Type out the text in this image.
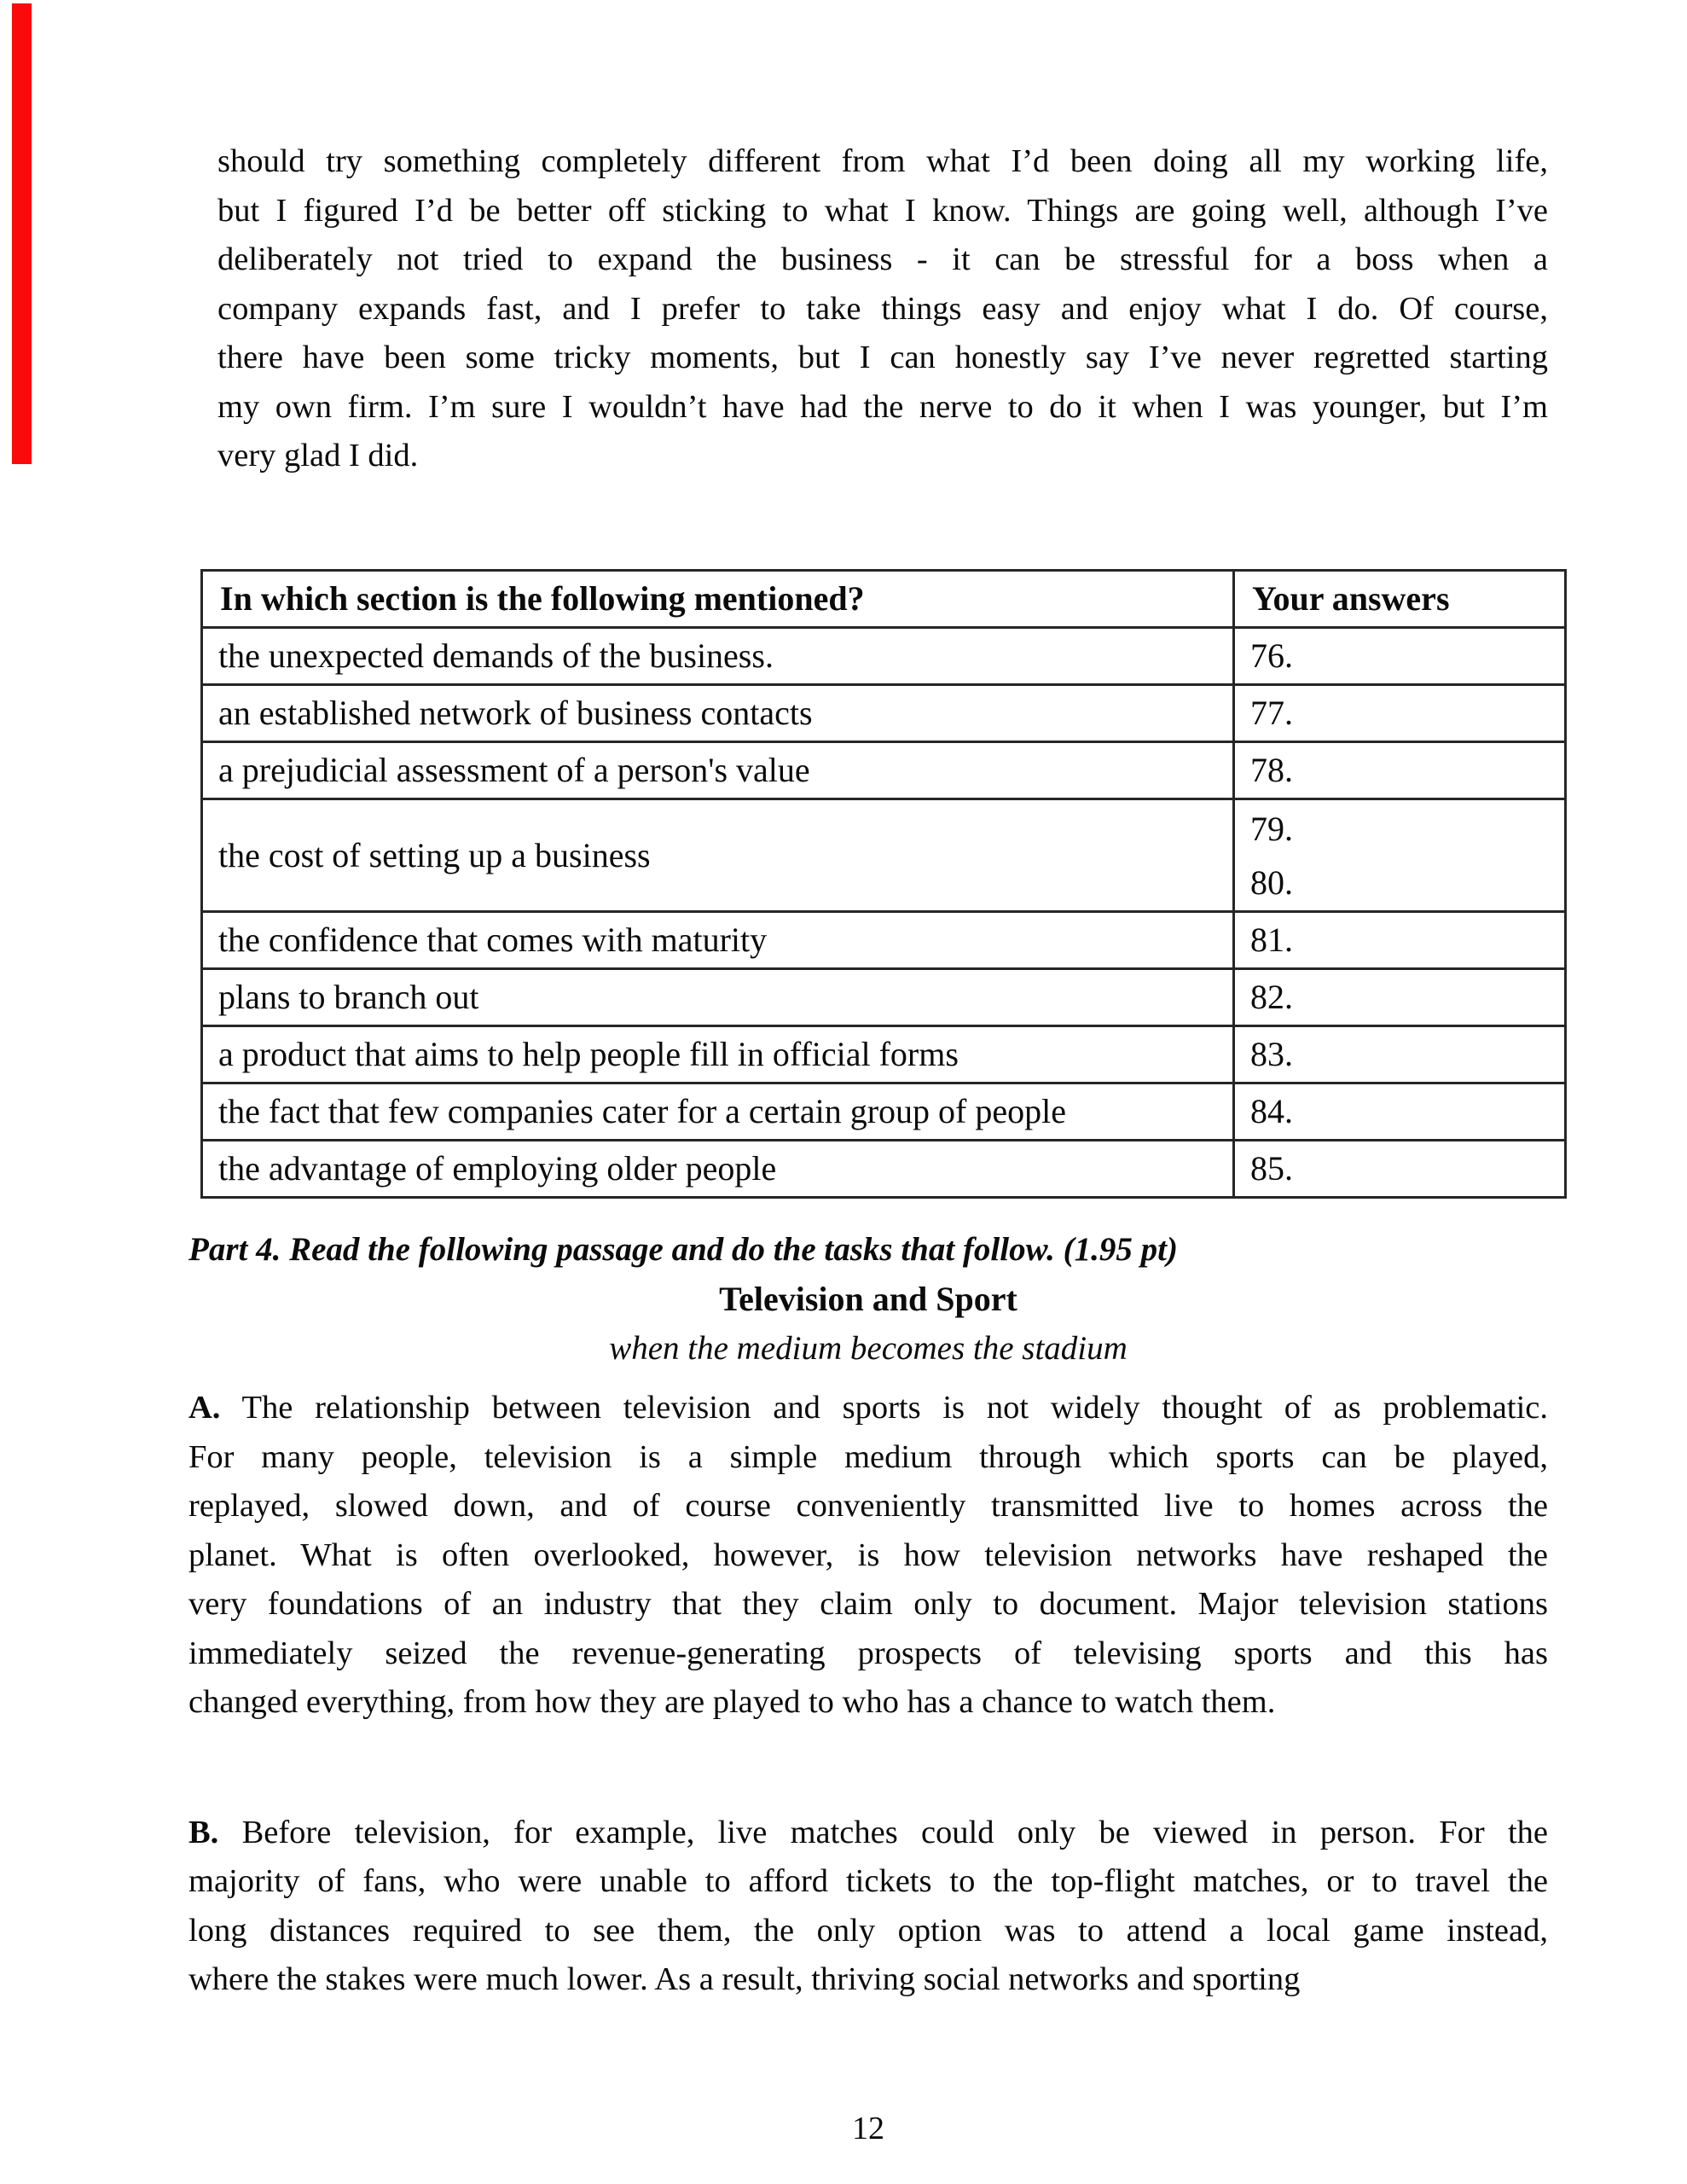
should try something completely different from what I’d been doing all my working life,
but I figured I’d be better off sticking to what I know. Things are going well, although I’ve
deliberately not tried to expand the business - it can be stressful for a boss when a
company expands fast, and I prefer to take things easy and enjoy what I do. Of course,
there have been some tricky moments, but I can honestly say I’ve never regretted starting
my own firm. I’m sure I wouldn’t have had the nerve to do it when I was younger, but I’m
very glad I did.
In which section is the following mentioned?	Your answers
the unexpected demands of the business.	76.
an established network of business contacts	77.
a prejudicial assessment of a person's value	78.
the cost of setting up a business	79.
80.

the confidence that comes with maturity	81.
plans to branch out	82.
a product that aims to help people fill in official forms	83.
the fact that few companies cater for a certain group of people	84.
the advantage of employing older people	85.
Part 4. Read the following passage and do the tasks that follow. (1.95 pt)
Television and Sport
when the medium becomes the stadium
A. The relationship between television and sports is not widely thought of as problematic.
For many people, television is a simple medium through which sports can be played,
replayed, slowed down, and of course conveniently transmitted live to homes across the
planet. What is often overlooked, however, is how television networks have reshaped the
very foundations of an industry that they claim only to document. Major television stations
immediately seized the revenue-generating prospects of televising sports and this has
changed everything, from how they are played to who has a chance to watch them.
B. Before television, for example, live matches could only be viewed in person. For the
majority of fans, who were unable to afford tickets to the top-flight matches, or to travel the
long distances required to see them, the only option was to attend a local game instead,
where the stakes were much lower. As a result, thriving social networks and sporting
12
